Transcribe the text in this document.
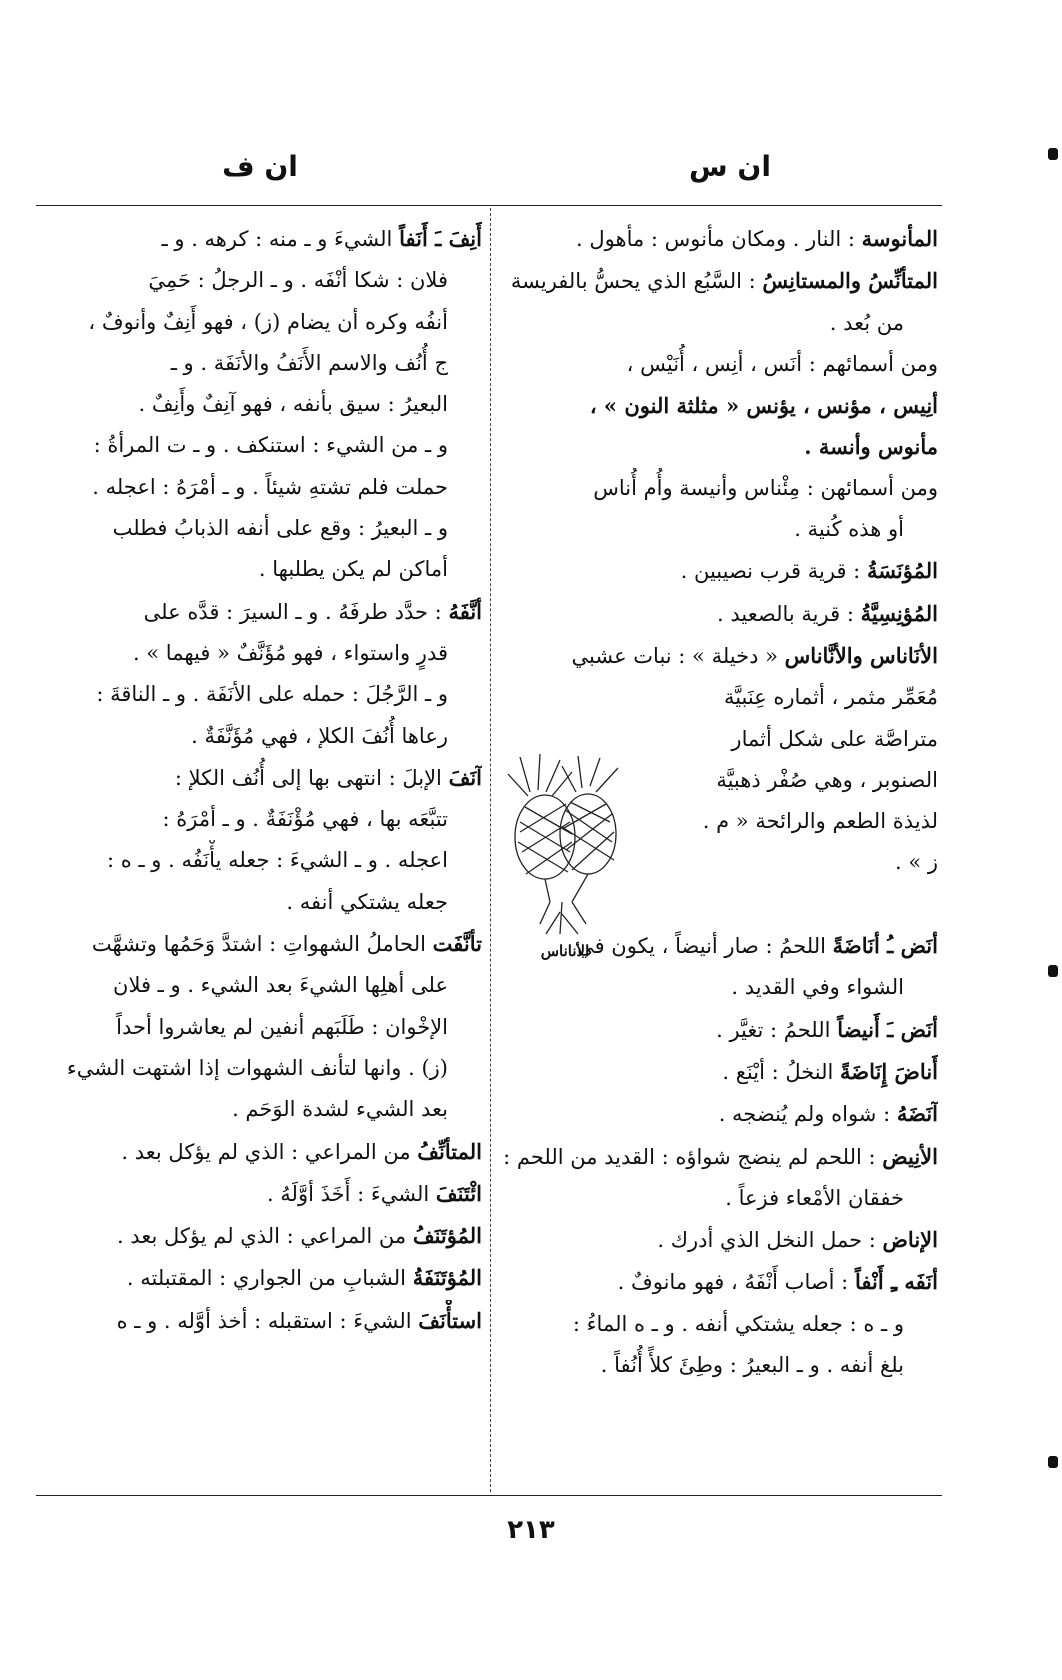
ان س
ان ف
المأنوسة : النار . ومكان مأنوس : مأهول .
المتأنِّسُ والمستانِسُ : السَّبُع الذي يحسُّ بالفريسة
من بُعد .
ومن أسمائهم : أنَس ، أنِس ، أُنَيْس ،
أنِيس ، مؤنس ، يؤنس « مثلثة النون » ،
مأنوس وأنسة .
ومن أسمائهن : مِئْناس وأنيسة وأُم أُناس
أو هذه كُنية .
المُؤنَسَةُ : قرية قرب نصيبين .
المُؤنِسِيَّةُ : قرية بالصعيد .
الأنَاناس والأنَّاناس « دخيلة » : نبات عشبي
مُعَمِّر مثمر ، أثماره عِنَبيَّة
متراصَّة على شكل أثمار
الصنوبر ، وهي صُفْر ذهبيَّة
لذيذة الطعم والرائحة « م .
ز » .

أنَض ـُ أنَاضَةً اللحمُ : صار أنيضاً ، يكون في
الشواء وفي القديد .
أنَض ـَ أَنيضاً اللحمُ : تغيَّر .
أَناضَ إِنَاضَةً النخلُ : أيْنَع .
آنَضَهُ : شواه ولم يُنضجه .
الأنِيض : اللحم لم ينضج شواؤه : القديد من اللحم :
خفقان الأمْعاء فزعاً .
الإناض : حمل النخل الذي أدرك .
أنَفَه ـِ أَنْفاً : أصاب أَنْفَهُ ، فهو مانوفٌ .
و ـ ه : جعله يشتكي أنفه . و ـ ه الماءُ :
بلغ أنفه . و ـ البعيرُ : وطِئَ كلأً أُنُفاً .
أَنِفَ ـَ أَنَفاً الشيءَ و ـ منه : كرهه . و ـ
فلان : شكا أنْفَه . و ـ الرجلُ : حَمِيَ
أنفُه وكره أن يضام (ز) ، فهو أَنِفٌ وأنوفٌ ،
ج أُنُف والاسم الأَنَفُ والأنَفَة . و ـ
البعيرُ : سيق بأنفه ، فهو آنِفٌ وأَنِفٌ .
و ـ من الشيء : استنكف . و ـ ت المرأةُ :
حملت فلم تشتهِ شيئاً . و ـ أمْرَهُ : اعجله .
و ـ البعيرُ : وقع على أنفه الذبابُ فطلب
أماكن لم يكن يطلبها .
أنَّفَهُ : حدَّد طرفَهُ . و ـ السيرَ : قدَّه على
قدرٍ واستواء ، فهو مُؤَنَّفٌ « فيهما » .
و ـ الرَّجُلَ : حمله على الأنَفَة . و ـ الناقةَ :
رعاها أُنُفَ الكلإ ، فهي مُؤَنَّفَةٌ .
آنَفَ الإبلَ : انتهى بها إلى أُنُف الكلإ :
تتبَّعَه بها ، فهي مُؤْنَفَةٌ . و ـ أمْرَهُ :
اعجله . و ـ الشيءَ : جعله يأْنَفُه . و ـ ه :
جعله يشتكي أنفه .
تأنَّفَت الحاملُ الشهواتِ : اشتدَّ وَحَمُها وتشهَّت
على أهلِها الشيءَ بعد الشيء . و ـ فلان
الإخْوان : طَلَبَهم أنفين لم يعاشروا أحداً
(ز) . وانها لتأنف الشهوات إذا اشتهت الشيء
بعد الشيء لشدة الوَحَم .
المتأنِّفُ من المراعي : الذي لم يؤكل بعد .
ائْتَنَفَ الشيءَ : أَخَذَ أوَّلَهُ .
المُؤتَنَفُ من المراعي : الذي لم يؤكل بعد .
المُؤتَنَفَةُ الشبابِ من الجواري : المقتبلته .
استأْنَفَ الشيءَ : استقبله : أخذ أوَّله . و ـ ه
الأناناس
٢١٣
